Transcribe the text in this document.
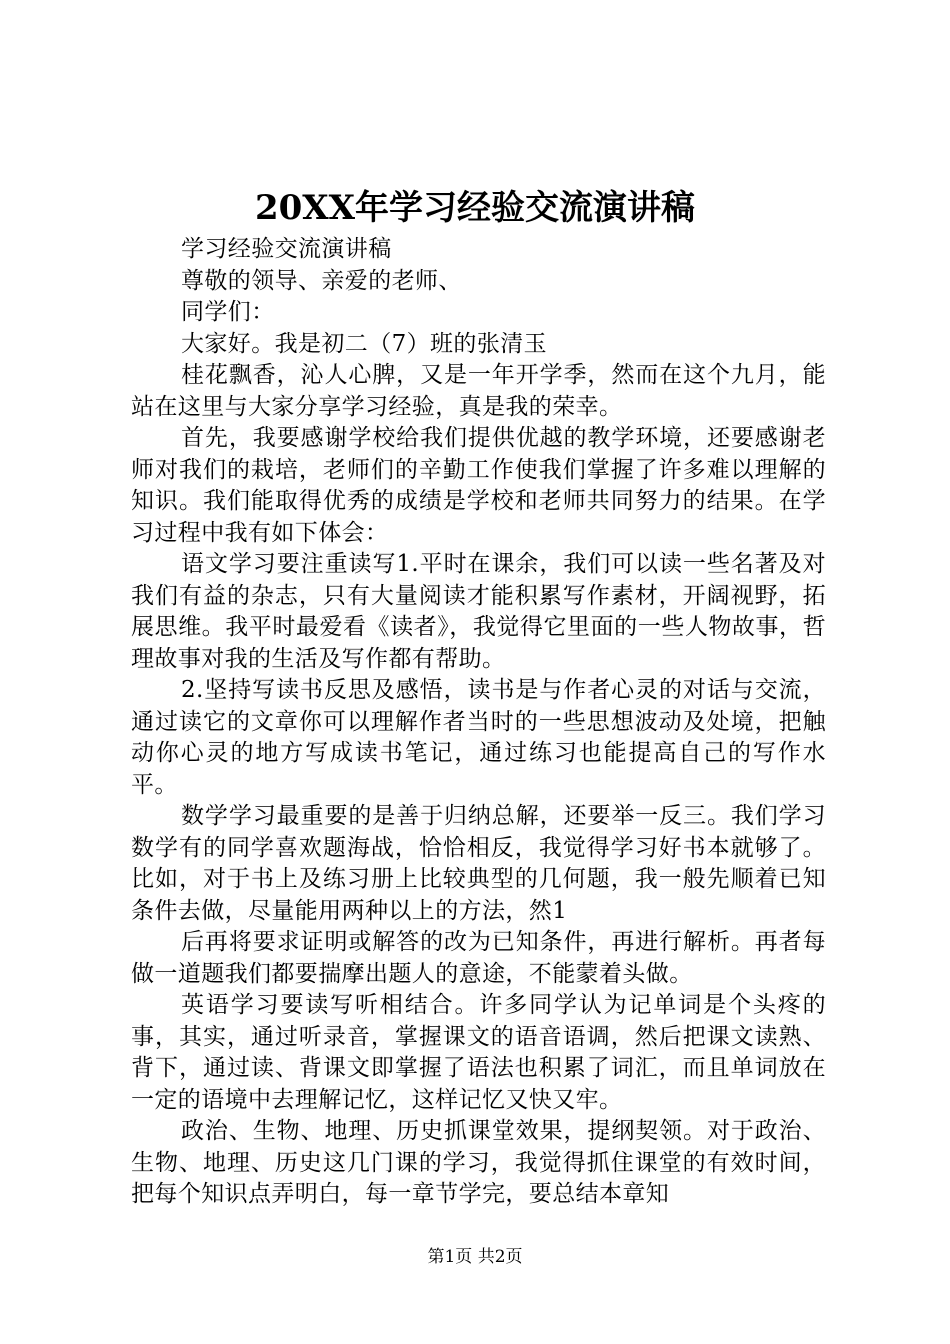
20XX年学习经验交流演讲稿

学习经验交流演讲稿

尊敬的领导、亲爱的老师、

同学们：

大家好。我是初二（7）班的张清玉

桂花飘香，沁人心脾，又是一年开学季，然而在这个九月，能站在这里与大家分享学习经验，真是我的荣幸。

首先，我要感谢学校给我们提供优越的教学环境，还要感谢老师对我们的栽培，老师们的辛勤工作使我们掌握了许多难以理解的知识。我们能取得优秀的成绩是学校和老师共同努力的结果。在学习过程中我有如下体会：

语文学习要注重读写1.平时在课余，我们可以读一些名著及对我们有益的杂志，只有大量阅读才能积累写作素材，开阔视野，拓展思维。我平时最爱看《读者》，我觉得它里面的一些人物故事，哲理故事对我的生活及写作都有帮助。

2.坚持写读书反思及感悟，读书是与作者心灵的对话与交流，通过读它的文章你可以理解作者当时的一些思想波动及处境，把触动你心灵的地方写成读书笔记，通过练习也能提高自己的写作水平。

数学学习最重要的是善于归纳总解，还要举一反三。我们学习数学有的同学喜欢题海战，恰恰相反，我觉得学习好书本就够了。比如，对于书上及练习册上比较典型的几何题，我一般先顺着已知条件去做，尽量能用两种以上的方法，然1

后再将要求证明或解答的改为已知条件，再进行解析。再者每做一道题我们都要揣摩出题人的意途，不能蒙着头做。

英语学习要读写听相结合。许多同学认为记单词是个头疼的事，其实，通过听录音，掌握课文的语音语调，然后把课文读熟、背下，通过读、背课文即掌握了语法也积累了词汇，而且单词放在一定的语境中去理解记忆，这样记忆又快又牢。

政治、生物、地理、历史抓课堂效果，提纲契领。对于政治、生物、地理、历史这几门课的学习，我觉得抓住课堂的有效时间，把每个知识点弄明白，每一章节学完，要总结本章知

第1页 共2页
